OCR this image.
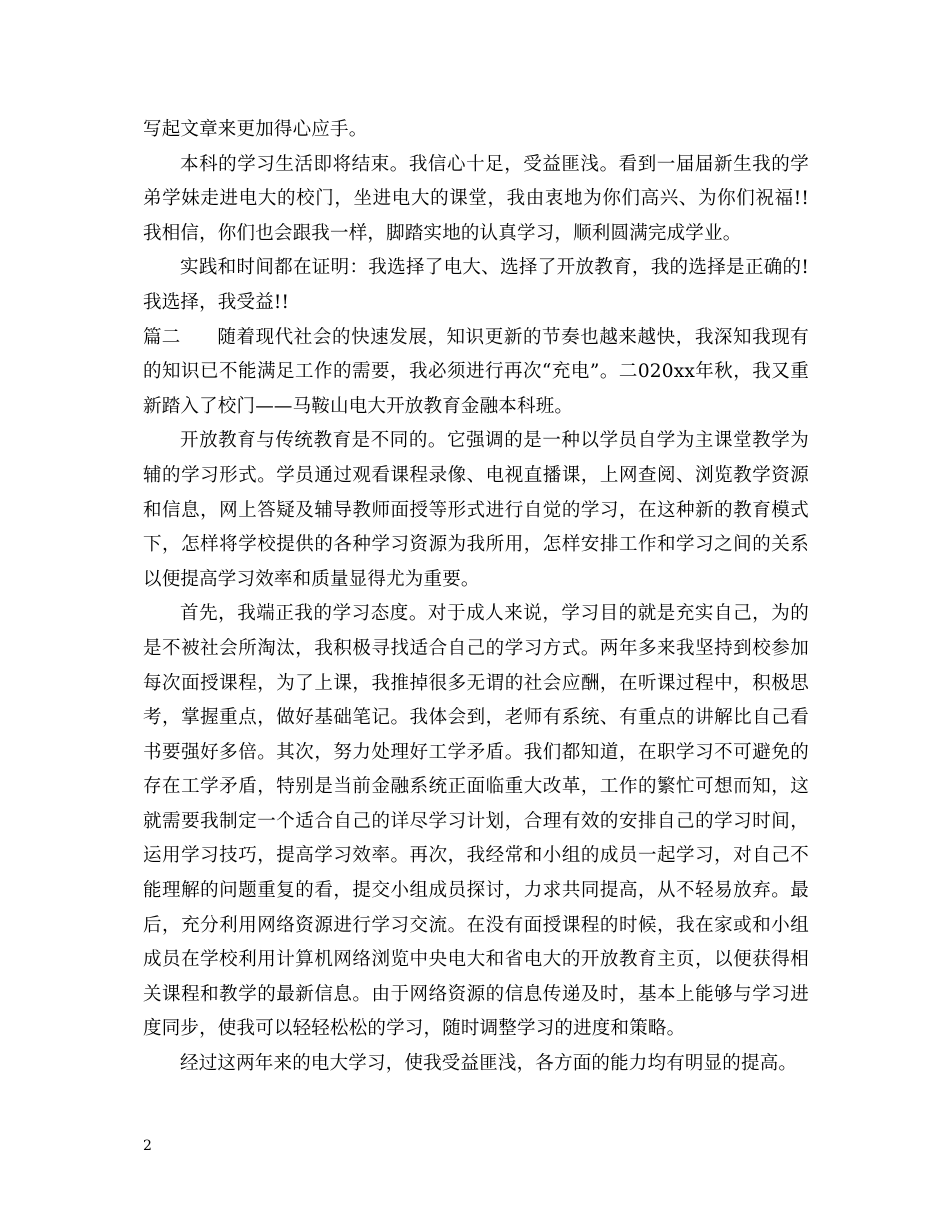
写起文章来更加得心应手。

本科的学习生活即将结束。我信心十足，受益匪浅。看到一届届新生我的学弟学妹走进电大的校门，坐进电大的课堂，我由衷地为你们高兴、为你们祝福!!我相信，你们也会跟我一样，脚踏实地的认真学习，顺利圆满完成学业。

实践和时间都在证明：我选择了电大、选择了开放教育，我的选择是正确的!我选择，我受益!!

篇二 随着现代社会的快速发展，知识更新的节奏也越来越快，我深知我现有的知识已不能满足工作的需要，我必须进行再次“充电”。二020xx年秋，我又重新踏入了校门——马鞍山电大开放教育金融本科班。

开放教育与传统教育是不同的。它强调的是一种以学员自学为主课堂教学为辅的学习形式。学员通过观看课程录像、电视直播课，上网查阅、浏览教学资源和信息，网上答疑及辅导教师面授等形式进行自觉的学习，在这种新的教育模式下，怎样将学校提供的各种学习资源为我所用，怎样安排工作和学习之间的关系以便提高学习效率和质量显得尤为重要。

首先，我端正我的学习态度。对于成人来说，学习目的就是充实自己，为的是不被社会所淘汰，我积极寻找适合自己的学习方式。两年多来我坚持到校参加每次面授课程，为了上课，我推掉很多无谓的社会应酬，在听课过程中，积极思考，掌握重点，做好基础笔记。我体会到，老师有系统、有重点的讲解比自己看书要强好多倍。其次，努力处理好工学矛盾。我们都知道，在职学习不可避免的存在工学矛盾，特别是当前金融系统正面临重大改革，工作的繁忙可想而知，这就需要我制定一个适合自己的详尽学习计划，合理有效的安排自己的学习时间，运用学习技巧，提高学习效率。再次，我经常和小组的成员一起学习，对自己不能理解的问题重复的看，提交小组成员探讨，力求共同提高，从不轻易放弃。最后，充分利用网络资源进行学习交流。在没有面授课程的时候，我在家或和小组成员在学校利用计算机网络浏览中央电大和省电大的开放教育主页，以便获得相关课程和教学的最新信息。由于网络资源的信息传递及时，基本上能够与学习进度同步，使我可以轻轻松松的学习，随时调整学习的进度和策略。

经过这两年来的电大学习，使我受益匪浅，各方面的能力均有明显的提高。

2
